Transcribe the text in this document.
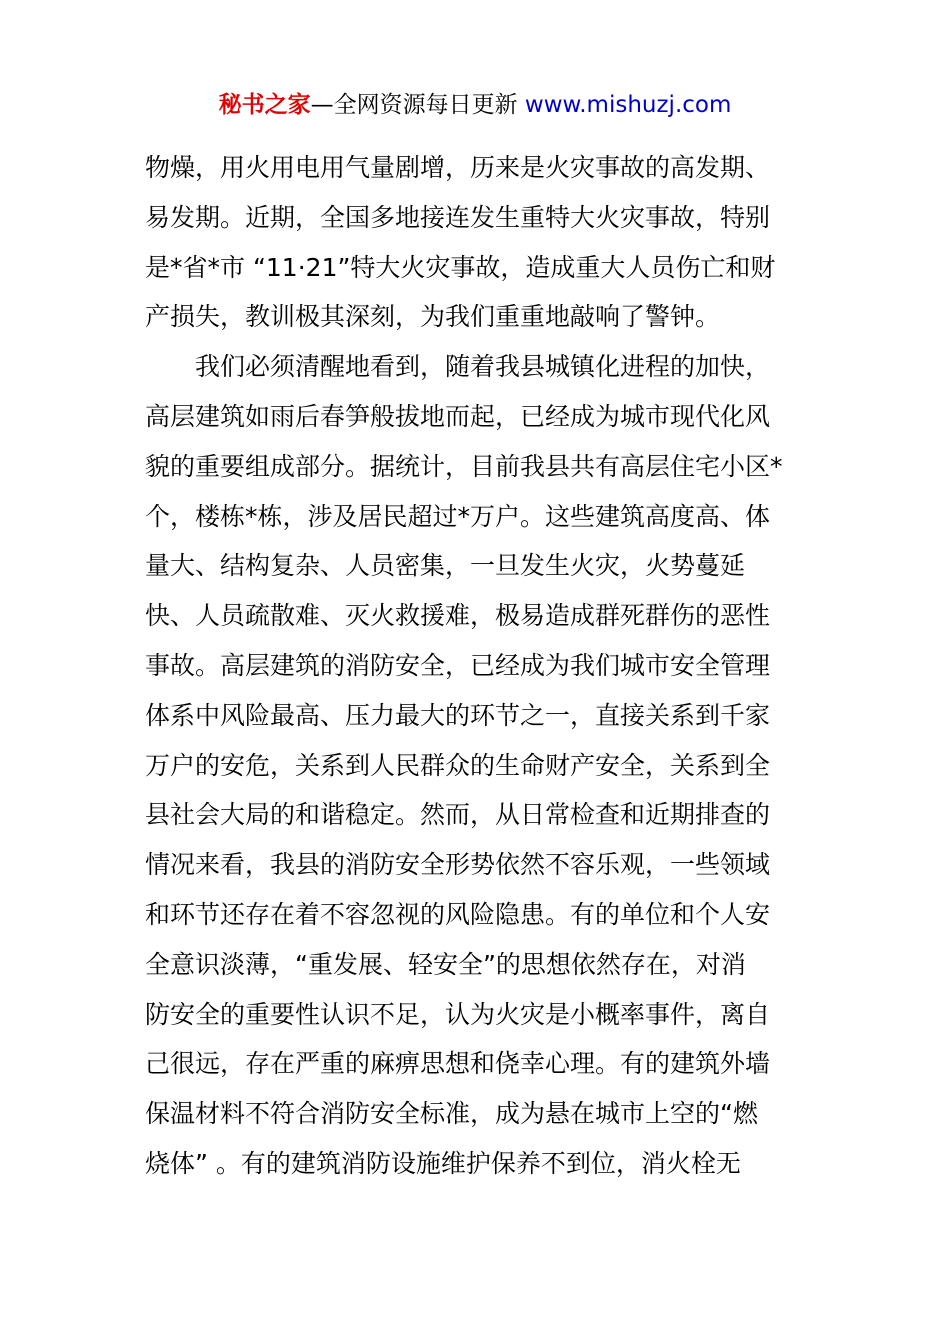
秘书之家—全网资源每日更新 www.mishuzj.com
物燥，用火用电用气量剧增，历来是火灾事故的高发期、
易发期。近期，全国多地接连发生重特大火灾事故，特别
是*省*市 “11·21”特大火灾事故，造成重大人员伤亡和财
产损失，教训极其深刻，为我们重重地敲响了警钟。
　　我们必须清醒地看到，随着我县城镇化进程的加快，
高层建筑如雨后春笋般拔地而起，已经成为城市现代化风
貌的重要组成部分。据统计，目前我县共有高层住宅小区*
个，楼栋*栋，涉及居民超过*万户。这些建筑高度高、体
量大、结构复杂、人员密集，一旦发生火灾，火势蔓延
快、人员疏散难、灭火救援难，极易造成群死群伤的恶性
事故。高层建筑的消防安全，已经成为我们城市安全管理
体系中风险最高、压力最大的环节之一，直接关系到千家
万户的安危，关系到人民群众的生命财产安全，关系到全
县社会大局的和谐稳定。然而，从日常检查和近期排查的
情况来看，我县的消防安全形势依然不容乐观，一些领域
和环节还存在着不容忽视的风险隐患。有的单位和个人安
全意识淡薄，“重发展、轻安全”的思想依然存在，对消
防安全的重要性认识不足，认为火灾是小概率事件，离自
己很远，存在严重的麻痹思想和侥幸心理。有的建筑外墙
保温材料不符合消防安全标准，成为悬在城市上空的“燃
烧体” 。有的建筑消防设施维护保养不到位，消火栓无
